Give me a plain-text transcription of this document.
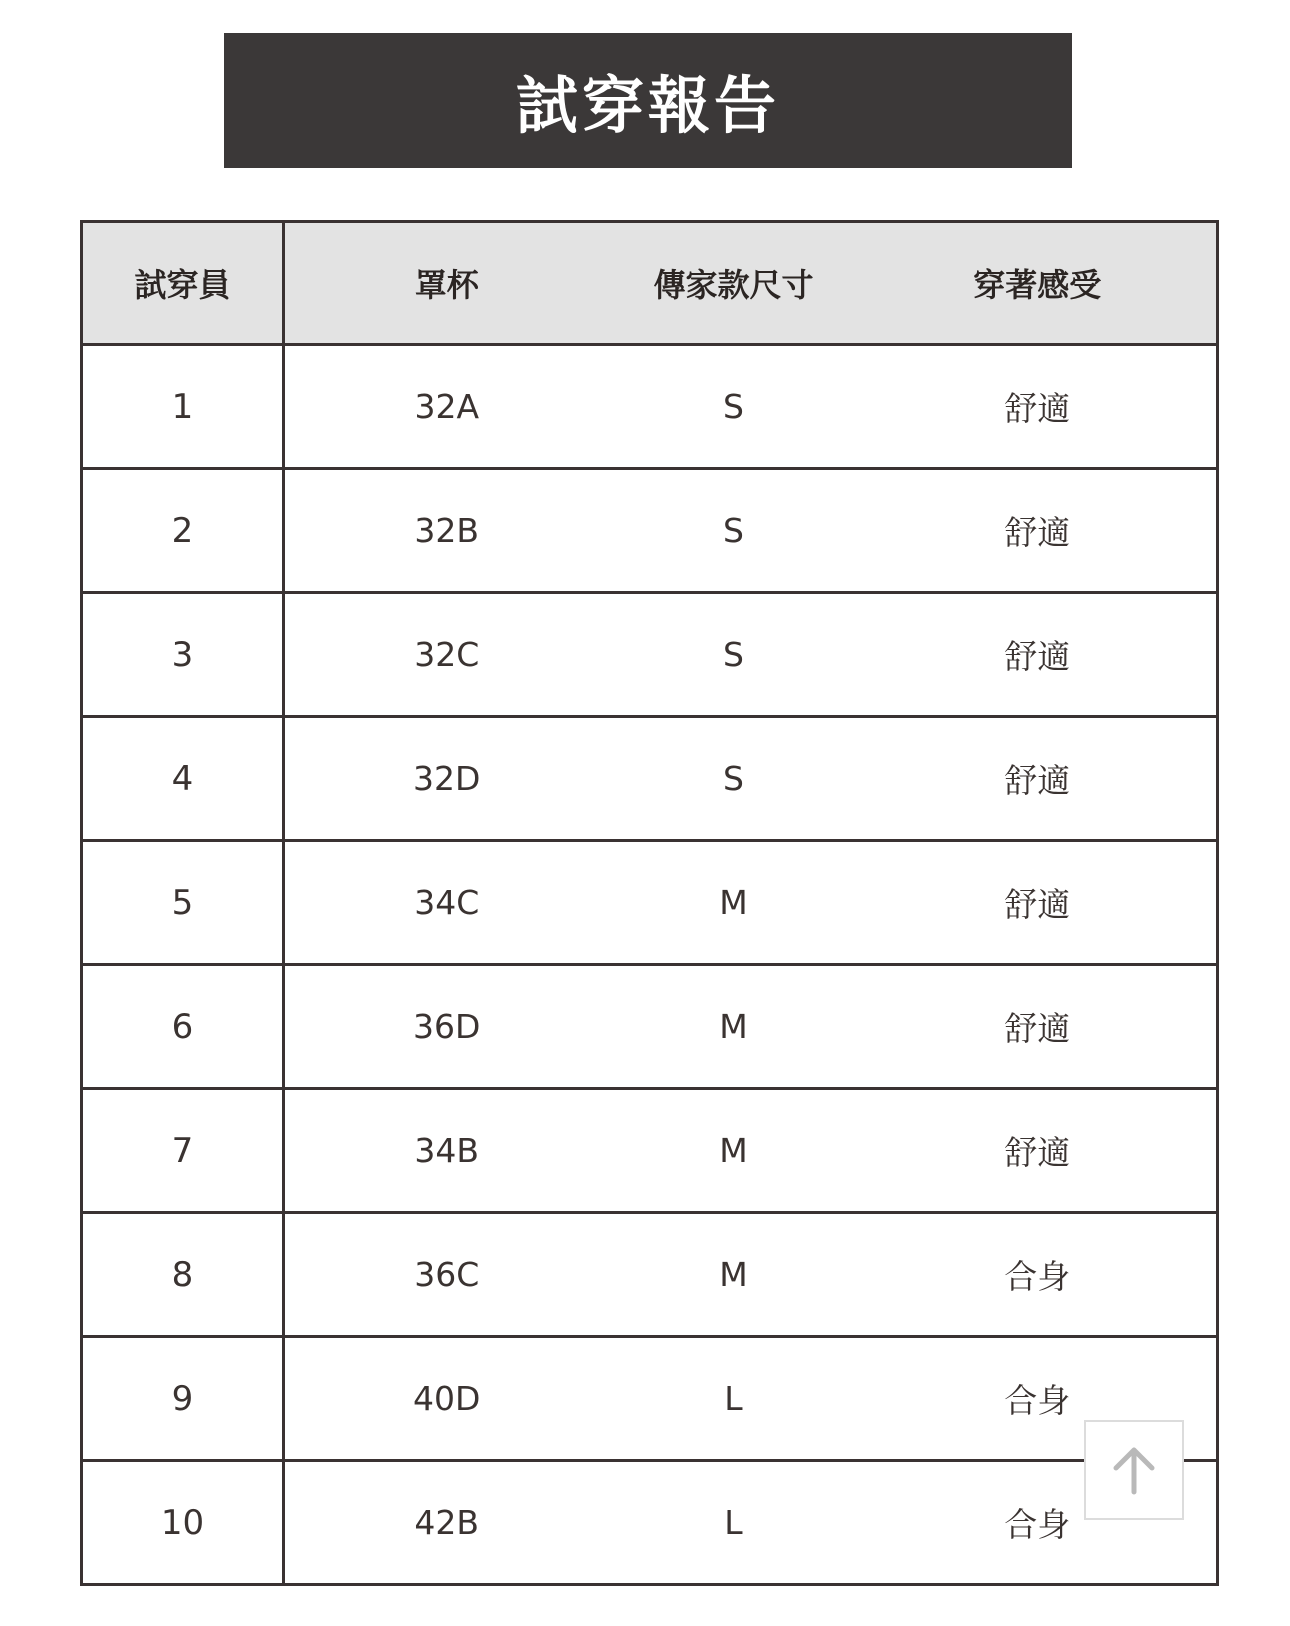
試穿報告
試穿員	罩杯	傳家款尺寸	穿著感受
1	32A	S	舒適
2	32B	S	舒適
3	32C	S	舒適
4	32D	S	舒適
5	34C	M	舒適
6	36D	M	舒適
7	34B	M	舒適
8	36C	M	合身
9	40D	L	合身
10	42B	L	合身
